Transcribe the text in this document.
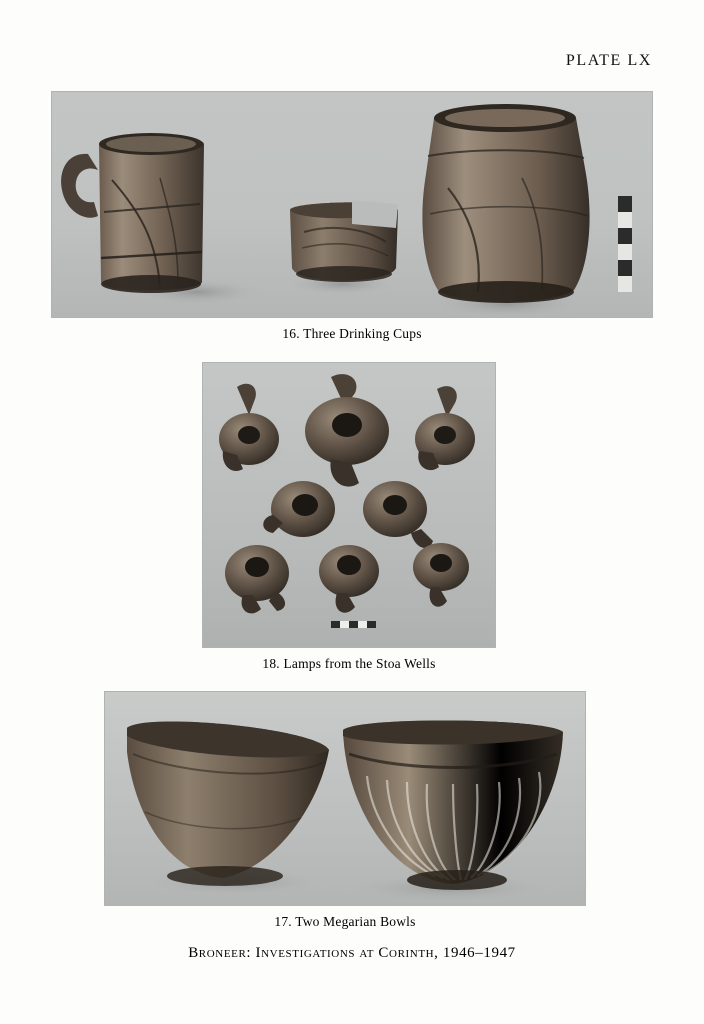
PLATE LX
16. Three Drinking Cups
18. Lamps from the Stoa Wells
17. Two Megarian Bowls
Broneer: Investigations at Corinth, 1946–1947
